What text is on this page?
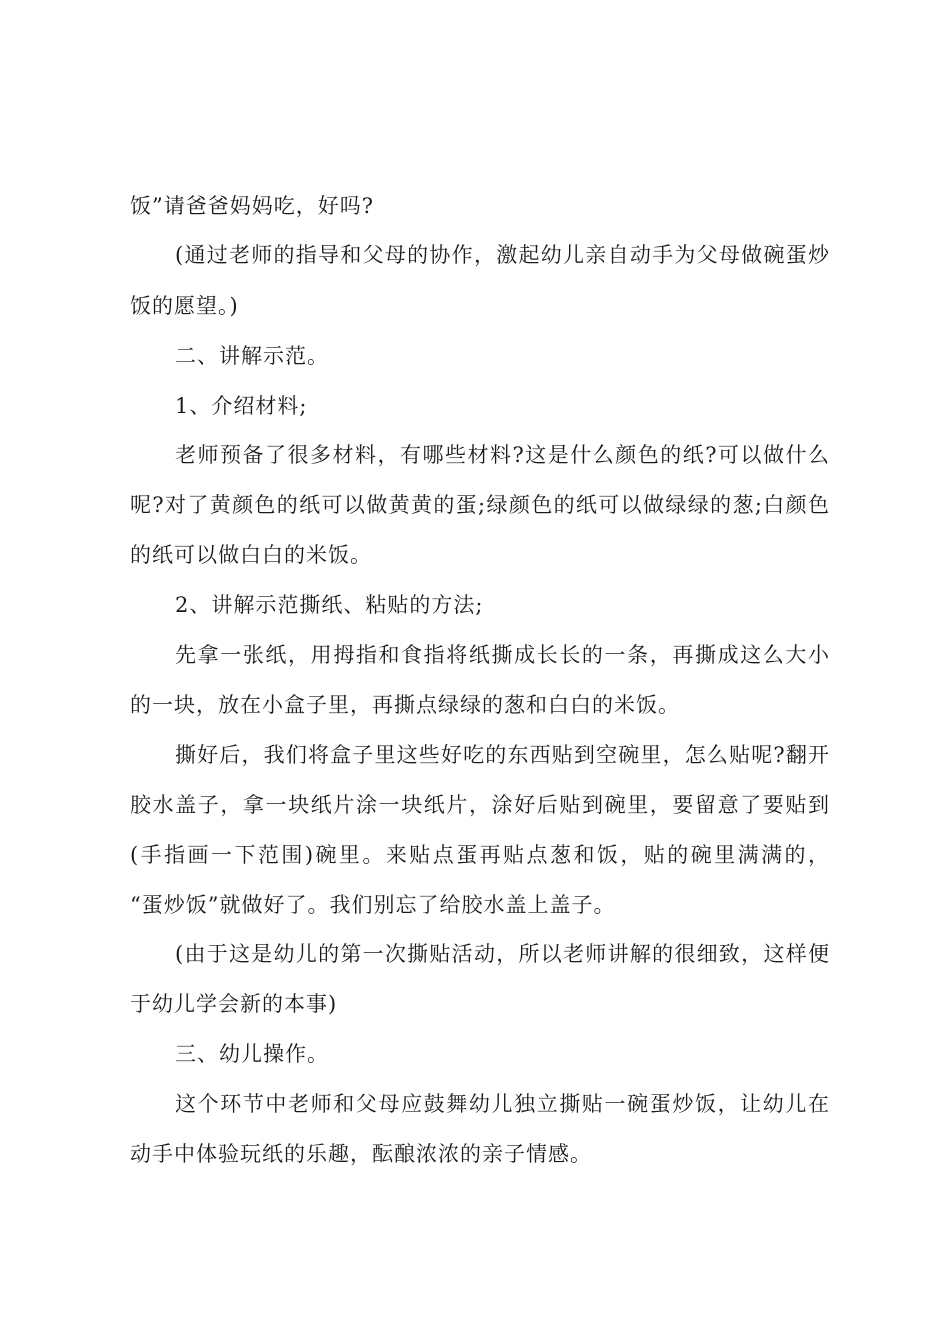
饭”请爸爸妈妈吃，好吗?
(通过老师的指导和父母的协作，激起幼儿亲自动手为父母做碗蛋炒
饭的愿望。)
二、讲解示范。
1、介绍材料;
老师预备了很多材料，有哪些材料?这是什么颜色的纸?可以做什么
呢?对了黄颜色的纸可以做黄黄的蛋;绿颜色的纸可以做绿绿的葱;白颜色
的纸可以做白白的米饭。
2、讲解示范撕纸、粘贴的方法;
先拿一张纸，用拇指和食指将纸撕成长长的一条，再撕成这么大小
的一块，放在小盒子里，再撕点绿绿的葱和白白的米饭。
撕好后，我们将盒子里这些好吃的东西贴到空碗里，怎么贴呢?翻开
胶水盖子，拿一块纸片涂一块纸片，涂好后贴到碗里，要留意了要贴到
(手指画一下范围)碗里。来贴点蛋再贴点葱和饭，贴的碗里满满的，
“蛋炒饭”就做好了。我们别忘了给胶水盖上盖子。
(由于这是幼儿的第一次撕贴活动，所以老师讲解的很细致，这样便
于幼儿学会新的本事)
三、幼儿操作。
这个环节中老师和父母应鼓舞幼儿独立撕贴一碗蛋炒饭，让幼儿在
动手中体验玩纸的乐趣，酝酿浓浓的亲子情感。
